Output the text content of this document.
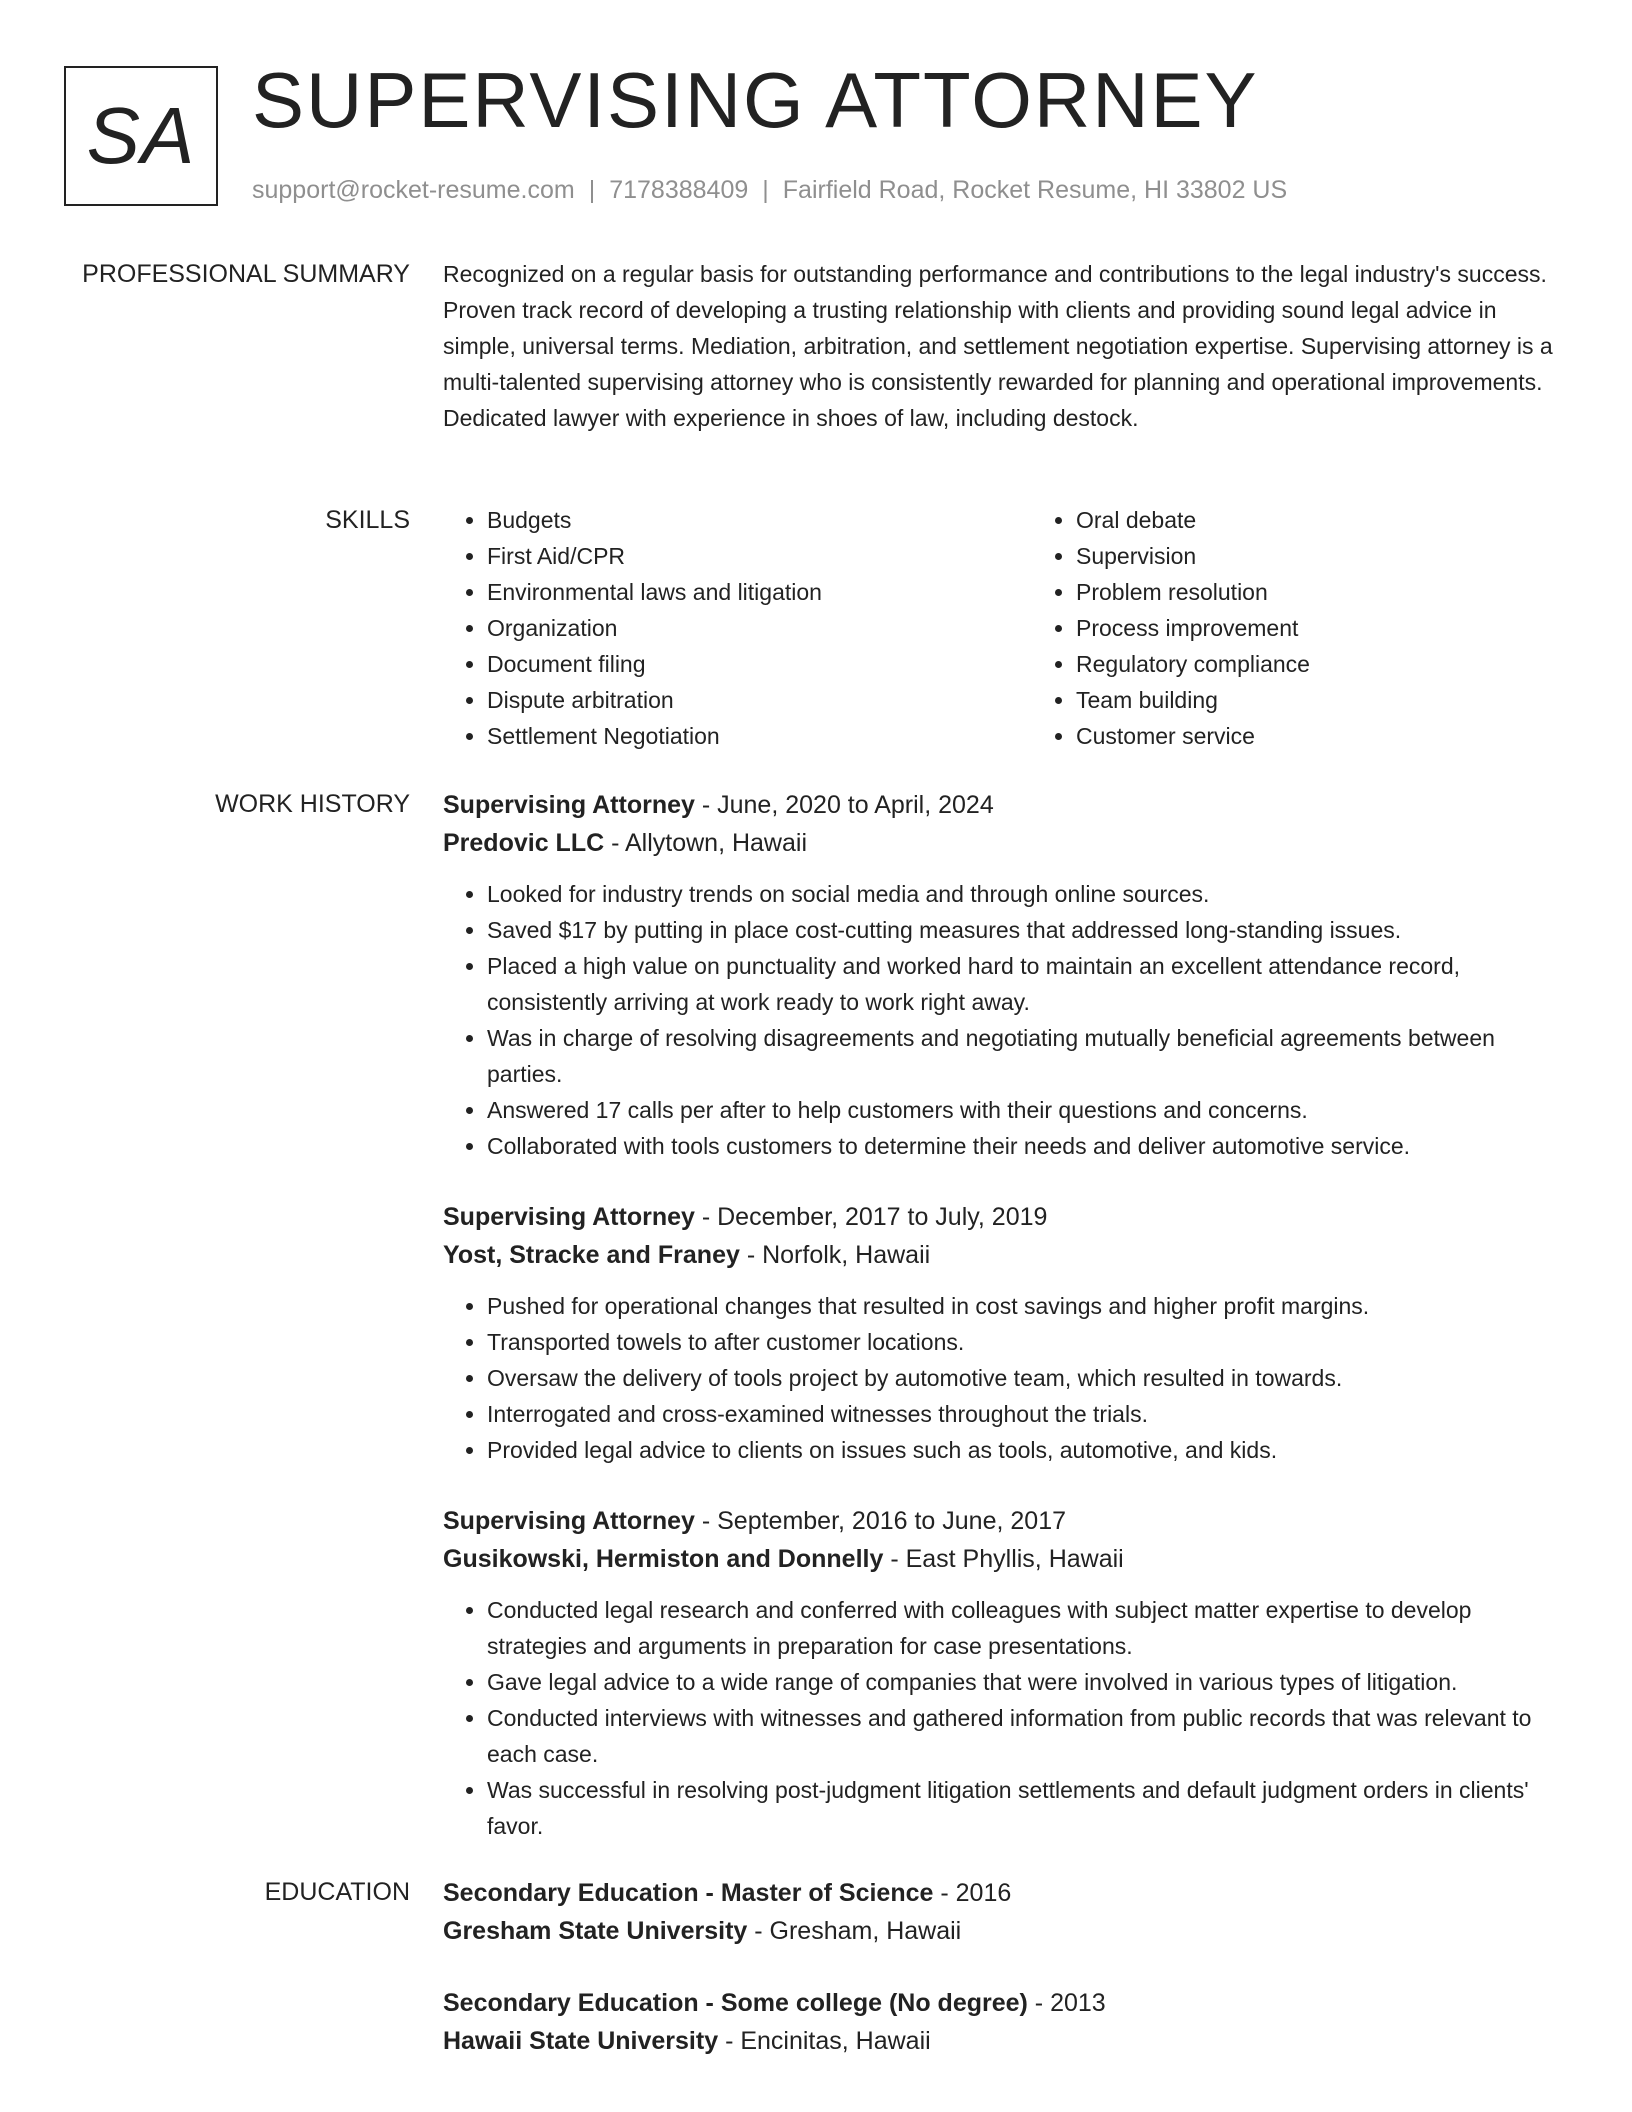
SA SUPERVISING ATTORNEY
support@rocket-resume.com | 7178388409 | Fairfield Road, Rocket Resume, HI 33802 US
PROFESSIONAL SUMMARY Recognized on a regular basis for outstanding performance and contributions to the legal industry's success. Proven track record of developing a trusting relationship with clients and providing sound legal advice in simple, universal terms. Mediation, arbitration, and settlement negotiation expertise. Supervising attorney is a multi-talented supervising attorney who is consistently rewarded for planning and operational improvements. Dedicated lawyer with experience in shoes of law, including destock.

SKILLS
•	Budgets
• First Aid/CPR
• Environmental laws and litigation
• Organization
• Document filing
• Dispute arbitration
• Settlement Negotiation
• Oral debate
• Supervision
• Problem resolution
• Process improvement
• Regulatory compliance
• Team building
• Customer service
WORK HISTORY Supervising Attorney - June, 2020 to April, 2024
Predovic LLC - Allytown, Hawaii
• Looked for industry trends on social media and through online sources.
• Saved $17 by putting in place cost-cutting measures that addressed long-standing issues.
• Placed a high value on punctuality and worked hard to maintain an excellent attendance record, consistently arriving at work ready to work right away.
• Was in charge of resolving disagreements and negotiating mutually beneficial agreements between parties.
• Answered 17 calls per after to help customers with their questions and concerns.
• Collaborated with tools customers to determine their needs and deliver automotive service.
Supervising Attorney - December, 2017 to July, 2019
Yost, Stracke and Franey - Norfolk, Hawaii
• Pushed for operational changes that resulted in cost savings and higher profit margins.
• Transported towels to after customer locations.
• Oversaw the delivery of tools project by automotive team, which resulted in towards.
• Interrogated and cross-examined witnesses throughout the trials.
• Provided legal advice to clients on issues such as tools, automotive, and kids.
Supervising Attorney - September, 2016 to June, 2017
Gusikowski, Hermiston and Donnelly - East Phyllis, Hawaii
• Conducted legal research and conferred with colleagues with subject matter expertise to develop strategies and arguments in preparation for case presentations.
• Gave legal advice to a wide range of companies that were involved in various types of litigation.
• Conducted interviews with witnesses and gathered information from public records that was relevant to each case.
• Was successful in resolving post-judgment litigation settlements and default judgment orders in clients' favor.
EDUCATION Secondary Education - Master of Science - 2016
Gresham State University - Gresham, Hawaii
Secondary Education - Some college (No degree) - 2013
Hawaii State University - Encinitas, Hawaii
